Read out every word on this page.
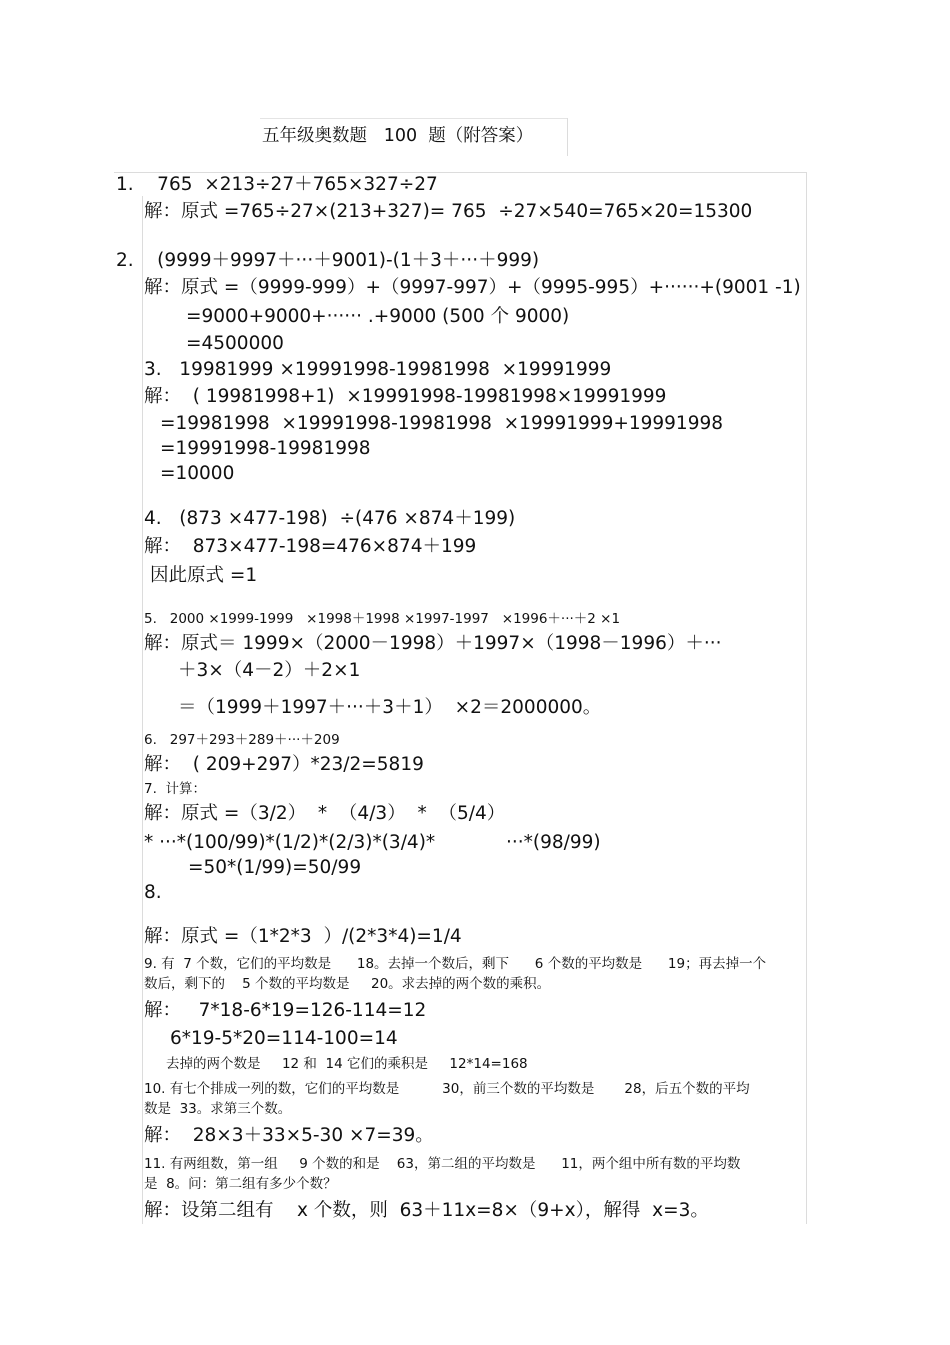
五年级奥数题   100  题（附答案）
1.    765  ×213÷27＋765×327÷27
解：原式 =765÷27×(213+327)= 765  ÷27×540=765×20=15300
2.    (9999＋9997＋···＋9001)-(1＋3＋···＋999)
解：原式 =（9999-999）+（9997-997）+（9995-995）+······+(9001 -1)
=9000+9000+······ .+9000 (500 个 9000)
=4500000
3.   19981999 ×19991998-19981998  ×19991999
解：  ( 19981998+1)  ×19991998-19981998×19991999
=19981998  ×19991998-19981998  ×19991999+19991998
=19991998-19981998
=10000
4.   (873 ×477-198)  ÷(476 ×874＋199)
解：  873×477-198=476×874＋199
因此原式 =1
5.   2000 ×1999-1999   ×1998＋1998 ×1997-1997   ×1996＋···＋2 ×1
解：原式＝ 1999×（2000－1998）＋1997×（1998－1996）＋···
＋3×（4－2）＋2×1
＝（1999＋1997＋···＋3＋1）  ×2＝2000000。
6.   297＋293＋289＋···＋209
解：  ( 209+297）*23/2=5819
7.  计算：
解：原式 =（3/2）  *  （4/3）  *  （5/4）
* ···*(100/99)*(1/2)*(2/3)*(3/4)*	···*(98/99)
=50*(1/99)=50/99
8.
解：原式 =（1*2*3  ）/(2*3*4)=1/4
9. 有  7 个数，它们的平均数是      18。去掉一个数后，剩下      6 个数的平均数是      19；再去掉一个
数后，剩下的    5 个数的平均数是     20。求去掉的两个数的乘积。
解：   7*18-6*19=126-114=12
6*19-5*20=114-100=14
去掉的两个数是     12 和  14 它们的乘积是     12*14=168
10. 有七个排成一列的数，它们的平均数是          30，前三个数的平均数是       28，后五个数的平均
数是  33。求第三个数。
解：  28×3＋33×5-30 ×7=39。
11. 有两组数，第一组     9 个数的和是    63，第二组的平均数是      11，两个组中所有数的平均数
是  8。问：第二组有多少个数？
解：设第二组有    x 个数，则  63＋11x=8×（9+x），解得  x=3。
